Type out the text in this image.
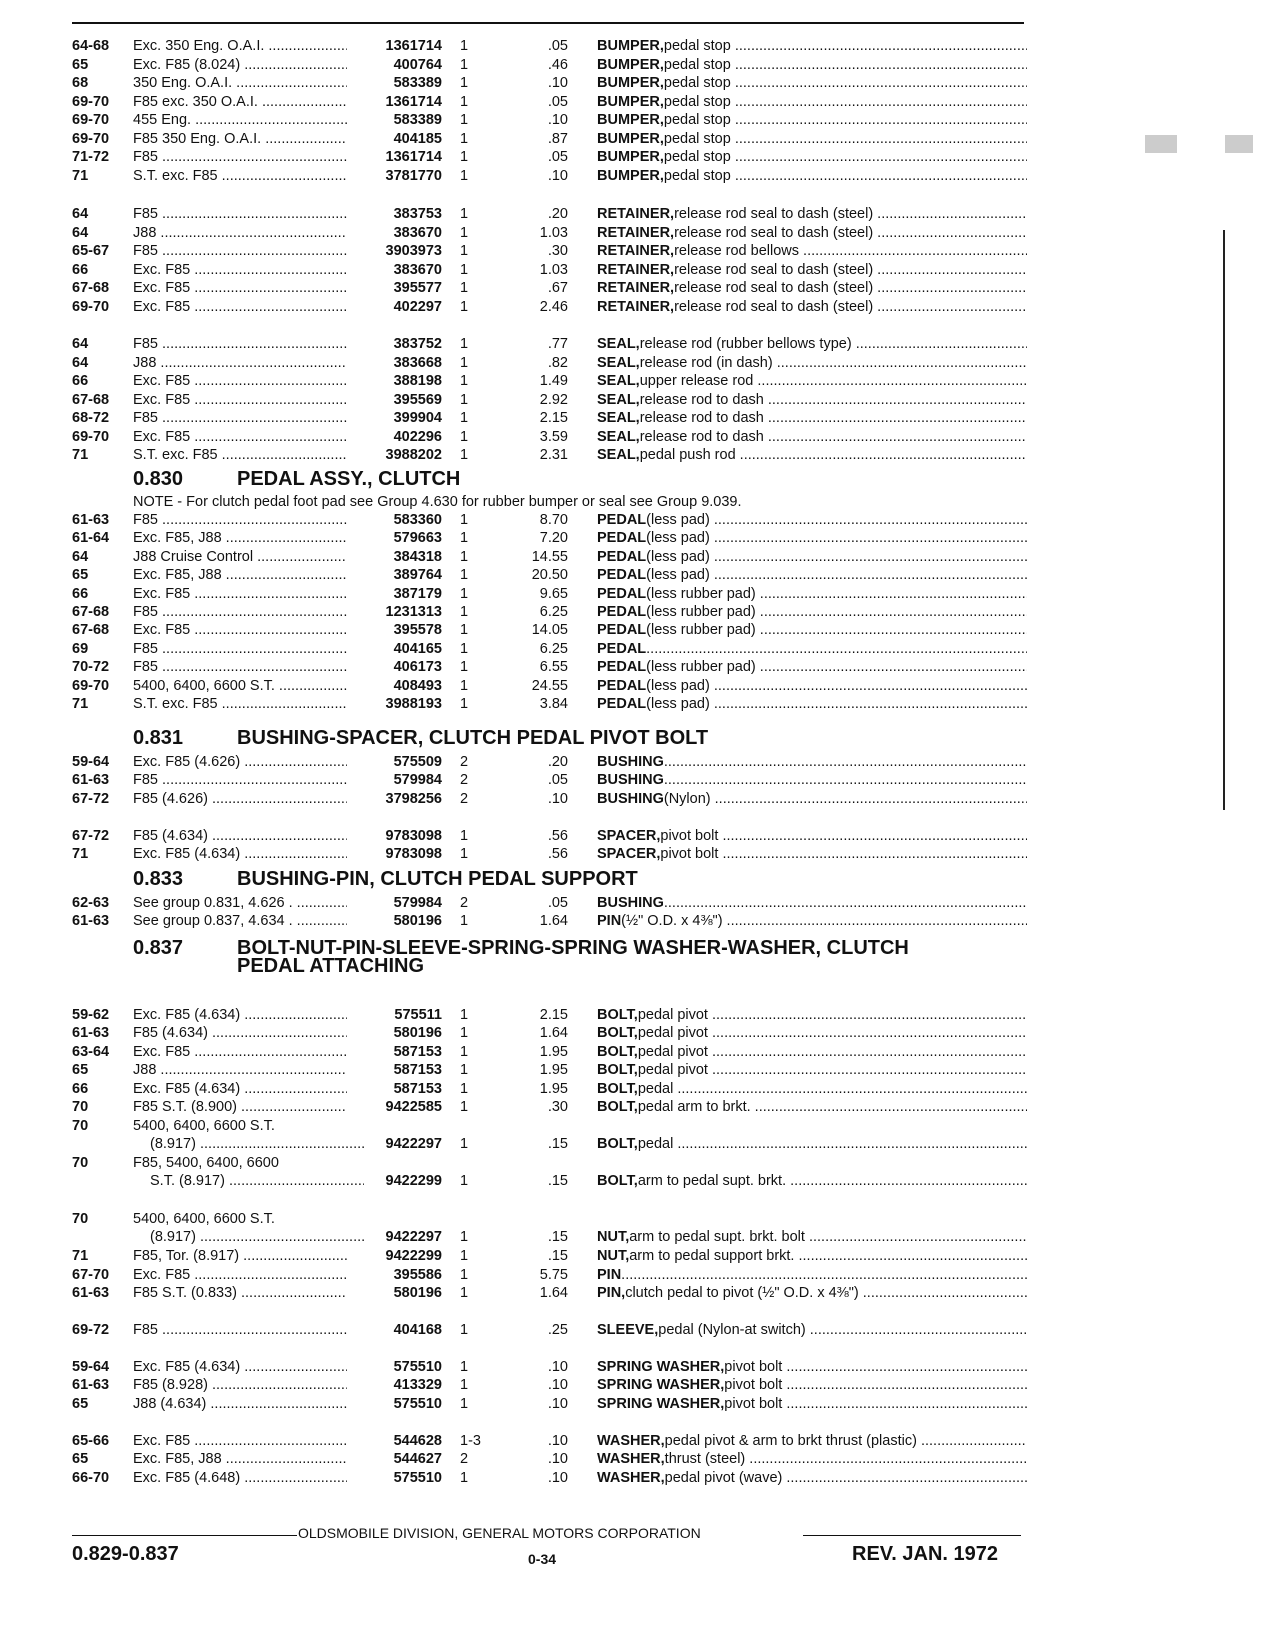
64-68 Exc. 350 Eng. O.A.I. .....	1361714 1	.05 BUMPER, pedal stop .....
65	Exc. F85 (8.024) .....	400764 1	.46 BUMPER, pedal stop .....
68	350 Eng. O.A.I. .....	583389 1	.10 BUMPER, pedal stop .....
69-70 F85 exc. 350 O.A.I. .....	1361714 1	.05 BUMPER, pedal stop .....
69-70 455 Eng. .....	583389 1	.10 BUMPER, pedal stop .....
69-70 F85 350 Eng. O.A.I. .....	404185 1	.87 BUMPER, pedal stop .....
71-72 F85 .....	1361714 1	.05 BUMPER, pedal stop .....
71	S.T. exc. F85 .....	3781770 1	.10 BUMPER, pedal stop .....
64	F85 .....	383753 1	.20 RETAINER, release rod seal to dash (steel) .....
64	J88 .....	383670 1	1.03 RETAINER, release rod seal to dash (steel) .....
65-67 F85 .....	3903973 1	.30 RETAINER, release rod bellows .....
66	Exc. F85 .....	383670 1	1.03 RETAINER, release rod seal to dash (steel) .....
67-68 Exc. F85 .....	395577 1	.67 RETAINER, release rod seal to dash (steel) .....
69-70 Exc. F85 .....	402297 1	2.46 RETAINER, release rod seal to dash (steel) .....
64	F85 .....	383752 1	.77 SEAL, release rod (rubber bellows type) .....
64	J88 .....	383668 1	.82 SEAL, release rod (in dash) .....
66	Exc. F85 .....	388198 1	1.49 SEAL, upper release rod .....
67-68 Exc. F85 .....	395569 1	2.92 SEAL, release rod to dash .....
68-72 F85 .....	399904 1	2.15 SEAL, release rod to dash .....
69-70 Exc. F85 .....	402296 1	3.59 SEAL, release rod to dash .....
71	S.T. exc. F85 .....	3988202 1	2.31 SEAL, pedal push rod .....
0.830	PEDAL ASSY., CLUTCH
NOTE - For clutch pedal foot pad see Group 4.630 for rubber bumper or seal see Group 9.039.
61-63 F85 .....	583360 1	8.70 PEDAL (less pad) .....
61-64 Exc. F85, J88 .....	579663 1	7.20 PEDAL (less pad) .....
64	J88 Cruise Control .....	384318 1	14.55 PEDAL (less pad) .....
65	Exc. F85, J88 .....	389764 1	20.50 PEDAL (less pad) .....
66	Exc. F85 .....	387179 1	9.65 PEDAL (less rubber pad) .....
67-68 F85 .....	1231313 1	6.25 PEDAL (less rubber pad) .....
67-68 Exc. F85 .....	395578 1	14.05 PEDAL (less rubber pad) .....
69	F85 .....	404165 1	6.25 PEDAL
.....
70-72 F85 .....	406173 1	6.55 PEDAL (less rubber pad) .....
69-70 5400, 6400, 6600 S.T. .....	408493 1	24.55 PEDAL (less pad) .....
71	S.T. exc. F85 .....	3988193 1	3.84 PEDAL (less pad) .....
0.831	BUSHING-SPACER, CLUTCH PEDAL PIVOT BOLT
59-64 Exc. F85 (4.626) .....	575509 2	.20 BUSHING
.....
61-63 F85 .....	579984 2	.05 BUSHING
.....
67-72 F85 (4.626) .....	3798256 2	.10 BUSHING (Nylon) .....
67-72 F85 (4.634) .....	9783098 1	.56 SPACER, pivot bolt .....
71	Exc. F85 (4.634) .....	9783098 1	.56 SPACER, pivot bolt .....
0.833	BUSHING-PIN, CLUTCH PEDAL SUPPORT
62-63 See group 0.831, 4.626 . .....	579984 2	.05 BUSHING
.....
61-63 See group 0.837, 4.634 . .....	580196 1	1.64 PIN (½" O.D. x 4⅜") .....
0.837	BOLT-NUT-PIN-SLEEVE-SPRING-SPRING WASHER-WASHER, CLUTCH
PEDAL ATTACHING
59-62 Exc. F85 (4.634) .....	575511 1	2.15 BOLT, pedal pivot .....
61-63 F85 (4.634) .....	580196 1	1.64 BOLT, pedal pivot .....
63-64 Exc. F85 .....	587153 1	1.95 BOLT, pedal pivot .....
65	J88 .....	587153 1	1.95 BOLT, pedal pivot .....
66	Exc. F85 (4.634) .....	587153 1	1.95 BOLT, pedal .....
70	F85 S.T. (8.900) .....	9422585 1	.30 BOLT, pedal arm to brkt. .....
70	5400, 6400, 6600 S.T.
(8.917) .....	9422297 1	.15 BOLT, pedal .....
70	F85, 5400, 6400, 6600
S.T. (8.917) .....	9422299 1	.15 BOLT, arm to pedal supt. brkt. .....
70	5400, 6400, 6600 S.T.
(8.917) .....	9422297 1	.15 NUT, arm to pedal supt. brkt. bolt .....
71	F85, Tor. (8.917) .....	9422299 1	.15 NUT, arm to pedal support brkt. .....
67-70 Exc. F85 .....	395586 1	5.75 PIN
.....
61-63 F85 S.T. (0.833) .....	580196 1	1.64 PIN, clutch pedal to pivot (½" O.D. x 4⅜") .....
69-72 F85 .....	404168 1	.25 SLEEVE, pedal (Nylon-at switch) .....
59-64 Exc. F85 (4.634) .....	575510 1	.10 SPRING WASHER, pivot bolt .....
61-63 F85 (8.928) .....	413329 1	.10 SPRING WASHER, pivot bolt .....
65	J88 (4.634) .....	575510 1	.10 SPRING WASHER, pivot bolt .....
65-66 Exc. F85 .....	544628 1-3	.10 WASHER, pedal pivot & arm to brkt thrust (plastic) .....
65	Exc. F85, J88 .....	544627 2	.10 WASHER, thrust (steel) .....
66-70 Exc. F85 (4.648) .....	575510 1	.10 WASHER, pedal pivot (wave) .....
OLDSMOBILE DIVISION, GENERAL MOTORS CORPORATION
0.829-0.837	0-34	REV. JAN. 1972
